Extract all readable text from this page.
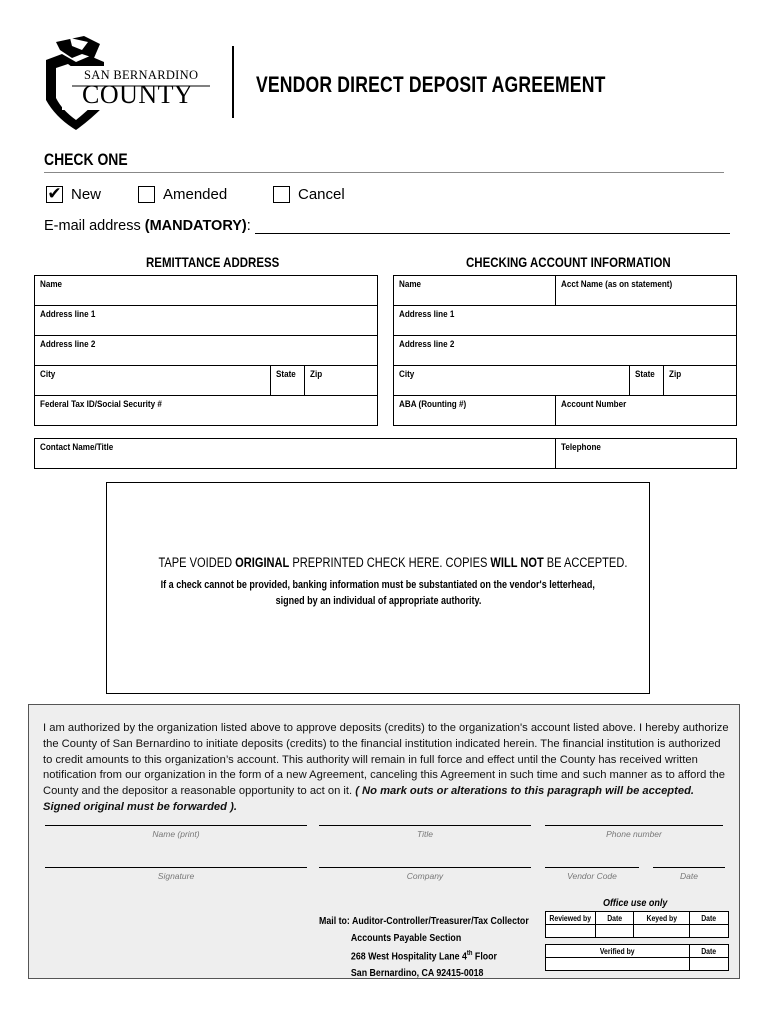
SAN BERNARDINO
COUNTY	VENDOR DIRECT DEPOSIT AGREEMENT
CHECK ONE
✔ New	Amended	Cancel
E-mail address (MANDATORY) :
REMITTANCE ADDRESS	CHECKING ACCOUNT INFORMATION
Name
Address line 1
Address line 2
City	State	Zip
Federal Tax ID/Social Security #
Name	Acct Name (as on statement)		
Address line 1			
Address line 2			
City		State	Zip
ABA (Rounting #)	Account Number		
Contact Name/Title	Telephone
TAPE VOIDED ORIGINAL PREPRINTED CHECK HERE. COPIES WILL NOT BE ACCEPTED.
If a check cannot be provided, banking information must be substantiated on the vendor's letterhead,
signed by an individual of appropriate authority.
I am authorized by the organization listed above to approve deposits (credits) to the organization's account listed above. I hereby authorize the County of San Bernardino to initiate deposits (credits) to the financial institution indicated herein. The financial institution is authorized to credit amounts to this organization’s account. This authority will remain in full force and effect until the County has received written notification from our organization in the form of a new Agreement, canceling this Agreement in such time and such manner as to afford the County and the depositor a reasonable opportunity to act on it. ( No mark outs or alterations to this paragraph will be accepted. Signed original must be forwarded ).
Name (print)	Title	Phone number
Signature	Company	Vendor Code	Date
Mail to: Auditor-Controller/Treasurer/Tax Collector
Accounts Payable Section
268 West Hospitality Lane 4th Floor
San Bernardino, CA 92415-0018
Office use only
Reviewed by	Date	Keyed by	Date

Verified by	Date
